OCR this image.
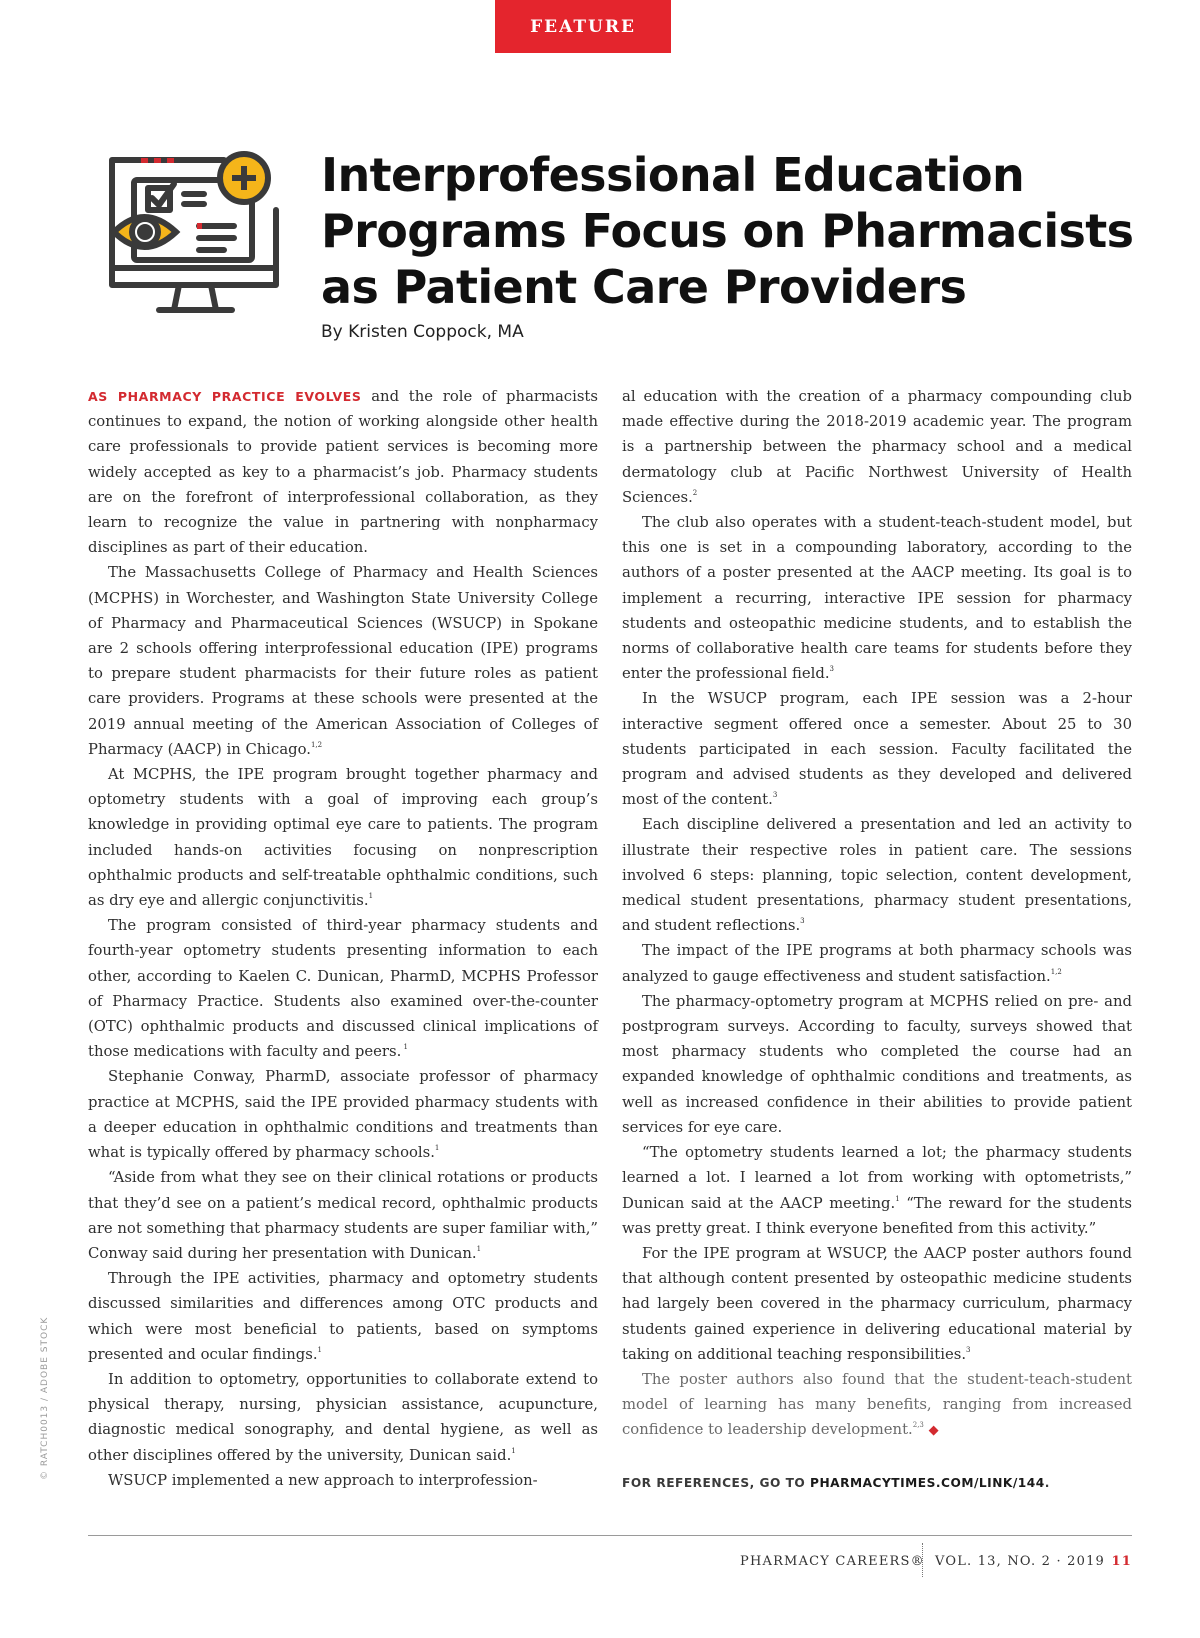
FEATURE
Interprofessional Education Programs Focus on Pharmacists as Patient Care Providers

By Kristen Coppock, MA

AS PHARMACY PRACTICE EVOLVES and the role of pharmacists continues to expand, the notion of working alongside other health care professionals to provide patient services is becoming more widely accepted as key to a pharmacist’s job. Pharmacy students are on the forefront of interprofessional collaboration, as they learn to recognize the value in partnering with nonpharmacy disciplines as part of their education.

The Massachusetts College of Pharmacy and Health Sciences (MCPHS) in Worchester, and Washington State University College of Pharmacy and Pharmaceutical Sciences (WSUCP) in Spokane are 2 schools offering interprofessional education (IPE) programs to prepare student pharmacists for their future roles as patient care providers. Programs at these schools were presented at the 2019 annual meeting of the American Association of Colleges of Pharmacy (AACP) in Chicago.$^{1,2}$

At MCPHS, the IPE program brought together pharmacy and optometry students with a goal of improving each group’s knowledge in providing optimal eye care to patients. The program included hands-on activities focusing on nonprescription ophthalmic products and self-treatable ophthalmic conditions, such as dry eye and allergic conjunctivitis.$^1$

The program consisted of third-year pharmacy students and fourth-year optometry students presenting information to each other, according to Kaelen C. Dunican, PharmD, MCPHS Professor of Pharmacy Practice. Students also examined over-the-counter (OTC) ophthalmic products and discussed clinical implications of those medications with faculty and peers. $^1$

Stephanie Conway, PharmD, associate professor of pharmacy practice at MCPHS, said the IPE provided pharmacy students with a deeper education in ophthalmic conditions and treatments than what is typically offered by pharmacy schools.$^1$

“Aside from what they see on their clinical rotations or products that they’d see on a patient’s medical record, ophthalmic products are not something that pharmacy students are super familiar with,” Conway said during her presentation with Dunican.$^1$

Through the IPE activities, pharmacy and optometry students discussed similarities and differences among OTC products and which were most beneficial to patients, based on symptoms presented and ocular findings.$^1$

In addition to optometry, opportunities to collaborate extend to physical therapy, nursing, physician assistance, acupuncture, diagnostic medical sonography, and dental hygiene, as well as other disciplines offered by the university, Dunican said.$^1$

WSUCP implemented a new approach to interprofession-

al education with the creation of a pharmacy compounding club made effective during the 2018-2019 academic year. The program is a partnership between the pharmacy school and a medical dermatology club at Pacific Northwest University of Health Sciences.$^2$

The club also operates with a student-teach-student model, but this one is set in a compounding laboratory, according to the authors of a poster presented at the AACP meeting. Its goal is to implement a recurring, interactive IPE session for pharmacy students and osteopathic medicine students, and to establish the norms of collaborative health care teams for students before they enter the professional field.$^3$

In the WSUCP program, each IPE session was a 2-hour interactive segment offered once a semester. About 25 to 30 students participated in each session. Faculty facilitated the program and advised students as they developed and delivered most of the content.$^3$

Each discipline delivered a presentation and led an activity to illustrate their respective roles in patient care. The sessions involved 6 steps: planning, topic selection, content development, medical student presentations, pharmacy student presentations, and student reflections.$^3$

The impact of the IPE programs at both pharmacy schools was analyzed to gauge effectiveness and student satisfaction.$^{1,2}$

The pharmacy-optometry program at MCPHS relied on pre- and postprogram surveys. According to faculty, surveys showed that most pharmacy students who completed the course had an expanded knowledge of ophthalmic conditions and treatments, as well as increased confidence in their abilities to provide patient services for eye care.

“The optometry students learned a lot; the pharmacy students learned a lot. I learned a lot from working with optometrists,” Dunican said at the AACP meeting.$^1$ “The reward for the students was pretty great. I think everyone benefited from this activity.”

For the IPE program at WSUCP, the AACP poster authors found that although content presented by osteopathic medicine students had largely been covered in the pharmacy curriculum, pharmacy students gained experience in delivering educational material by taking on additional teaching responsibilities.$^3$

The poster authors also found that the student-teach-student model of learning has many benefits, ranging from increased confidence to leadership development.$^{2,3}$ ◆

FOR REFERENCES, GO TO PHARMACYTIMES.COM/LINK/144.

© RATCH0013 / ADOBE STOCK
PHARMACY CAREERS® VOL. 13, NO. 2 · 2019 11
